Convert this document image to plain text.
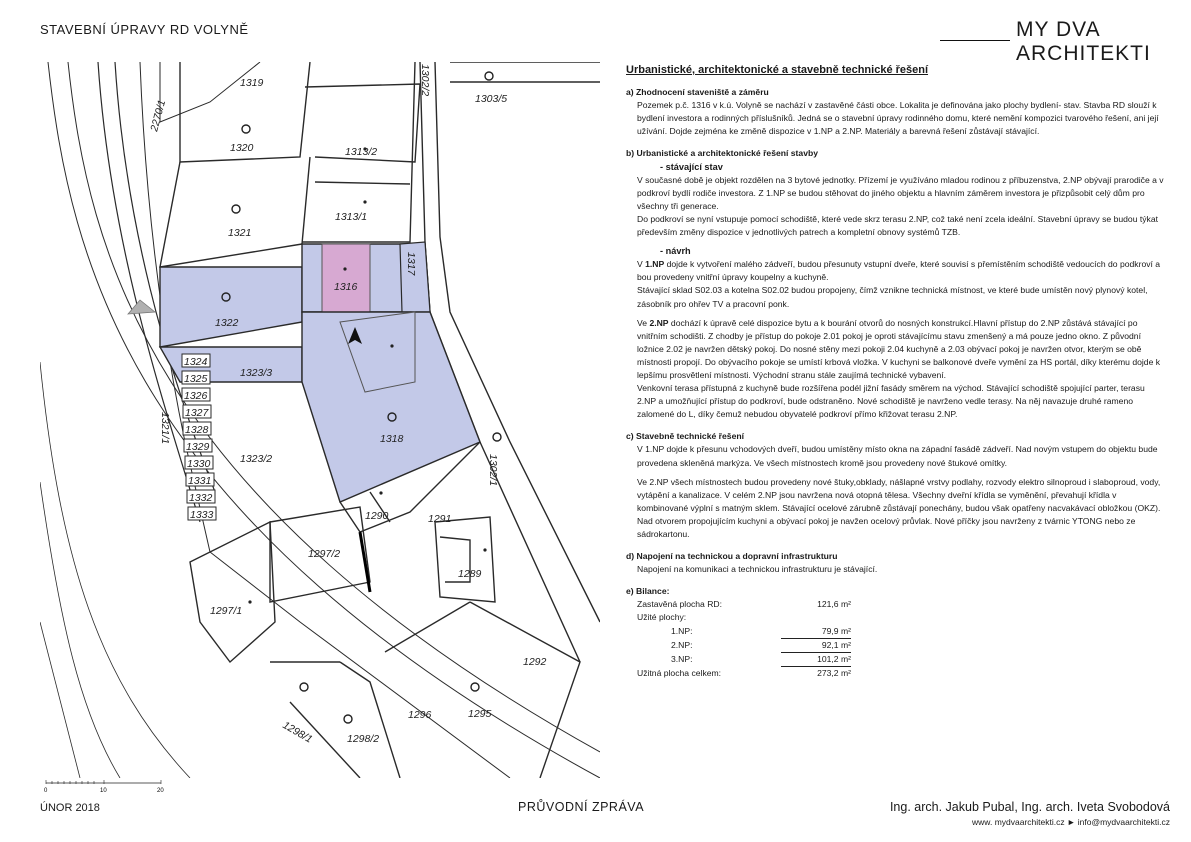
STAVEBNÍ ÚPRAVY RD VOLYNĚ	MY DVA ARCHITEKTI
1319
1320	1313/2
1303/5
1302/2
1313/1
1321
1316
1317
1322
1323/3
1324
1325
1326
1327
1328
1329
1330
1331
1332
1333
1318
1323/2
1321/1
1302/1
1290	1291
1297/2
1289
1297/1
1292
1296	1295
1298/1	1298/2
2270/1
0	10	20
ÚNOR 2018	PRŮVODNÍ ZPRÁVA	Ing. arch. Jakub Pubal, Ing. arch. Iveta Svobodová
www. mydvaarchitekti.cz ► info@mydvaarchitekti.cz
Urbanistické, architektonické a stavebně technické řešení
a) Zhodnocení staveniště a záměru
Pozemek p.č. 1316 v k.ú. Volyně se nachází v zastavěné části obce. Lokalita je definována jako plochy bydlení- stav. Stavba RD slouží k bydlení investora a rodinných příslušníků. Jedná se o stavební úpravy rodinného domu, které nemění kompozici tvarového řešení, ani její užívání. Dojde zejména ke změně dispozice v 1.NP a 2.NP. Materiály a barevná řešení zůstávají stávající.
b) Urbanistické a architektonické řešení stavby
- stávající stav
V současné době je objekt rozdělen na 3 bytové jednotky. Přízemí je využíváno mladou rodinou z příbuzenstva, 2.NP obývají prarodiče a v podkroví bydlí rodiče investora. Z 1.NP se budou stěhovat do jiného objektu a hlavním záměrem investora je přizpůsobit celý dům pro všechny tři generace.
Do podkroví se nyní vstupuje pomocí schodiště, které vede skrz terasu 2.NP, což také není zcela ideální. Stavební úpravy se budou týkat především změny dispozice v jednotlivých patrech a kompletní obnovy systémů TZB.
- návrh
V 1.NP dojde k vytvoření malého zádveří, budou přesunuty vstupní dveře, které souvisí s přemístěním schodiště vedoucích do podkroví a bou provedeny vnitřní úpravy koupelny a kuchyně.
Stávající sklad S02.03 a kotelna S02.02 budou propojeny, čímž vznikne technická místnost, ve které bude umístěn nový plynový kotel, zásobník pro ohřev TV a pracovní ponk.
Ve 2.NP dochází k úpravě celé dispozice bytu a k bourání otvorů do nosných konstrukcí.Hlavní přístup do 2.NP zůstává stávající po vnitřním schodišti. Z chodby je přístup do pokoje 2.01 pokoj je oproti stávajícímu stavu zmenšený a má pouze jedno okno. Z původní ložnice 2.02 je navržen dětský pokoj. Do nosné stěny mezi pokoji 2.04 kuchyně a 2.03 obývací pokoj je navržen otvor, kterým se obě místnosti propojí. Do obývacího pokoje se umístí krbová vložka. V kuchyni se balkonové dveře vymění za HS portál, díky kterému dojde k lepšímu prosvětlení místnosti. Východní stranu stále zaujímá technické vybavení.
Venkovní terasa přístupná z kuchyně bude rozšířena podél jižní fasády směrem na východ. Stávající schodiště spojující parter, terasu 2.NP a umožňující přístup do podkroví, bude odstraněno. Nové schodiště je navrženo vedle terasy. Na něj navazuje druhé rameno zalomené do L, díky čemuž nebudou obyvatelé podkroví přímo křižovat terasu 2.NP.
c) Stavebně technické řešení
V 1.NP dojde k přesunu vchodových dveří, budou umístěny místo okna na západní fasádě zádveří. Nad novým vstupem do objektu bude provedena skleněná markýza. Ve všech místnostech kromě jsou provedeny nové štukové omítky.
Ve 2.NP všech místnostech budou provedeny nové štuky,obklady, nášlapné vrstvy podlahy, rozvody elektro silnoproud i slaboproud, vody, vytápění a kanalizace. V celém 2.NP jsou navržena nová otopná tělesa. Všechny dveřní křídla se vyměnění, převahují křídla v kombinované výplní s matným sklem. Stávající ocelové zárubně zůstávají ponechány, budou však opatřeny nacvakávací obložkou (OKZ). Nad otvorem propojujícím kuchyni a obývací pokoj je navžen ocelový průvlak. Nové příčky jsou navrženy z tvárnic YTONG nebo ze sádrokartonu.
d) Napojení na technickou a dopravní infrastrukturu
Napojení na komunikaci a technickou infrastrukturu je stávající.
e) Bilance:
Zastavěná plocha RD:	121,6 m²
Užité plochy:	
1.NP:	79,9 m²
2.NP:	92,1 m²
3.NP:	101,2 m²
Užitná plocha celkem:	273,2 m²
